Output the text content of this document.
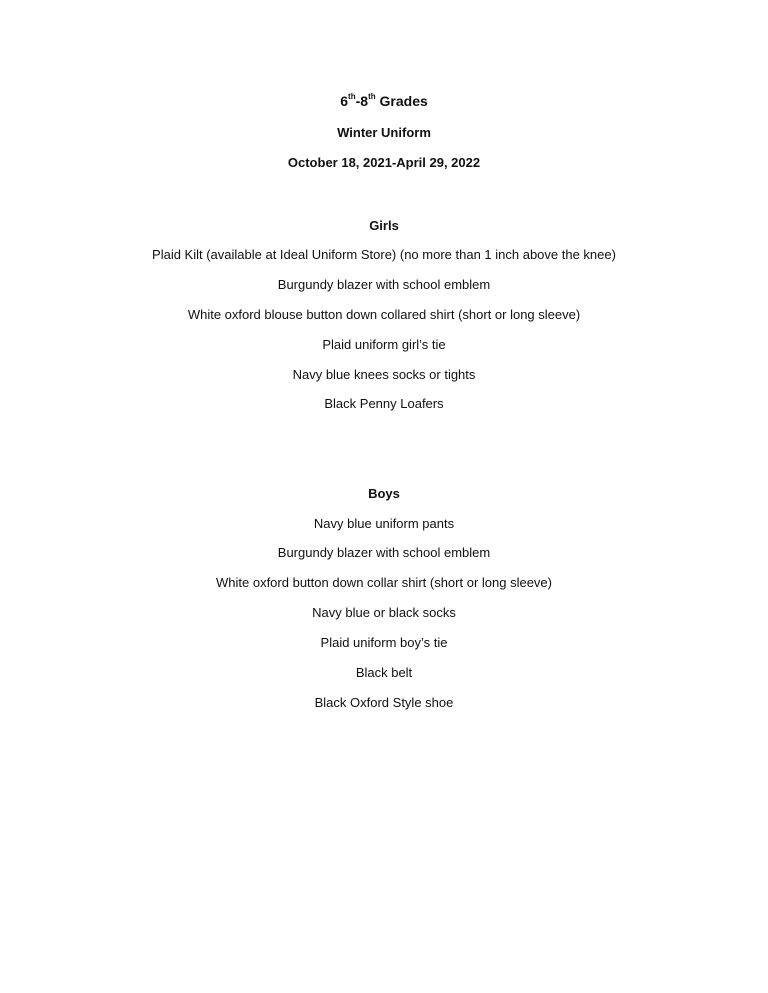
6th-8th Grades
Winter Uniform
October 18, 2021-April 29, 2022
Girls
Plaid Kilt (available at Ideal Uniform Store) (no more than 1 inch above the knee)
Burgundy blazer with school emblem
White oxford blouse button down collared shirt (short or long sleeve)
Plaid uniform girl’s tie
Navy blue knees socks or tights
Black Penny Loafers
Boys
Navy blue uniform pants
Burgundy blazer with school emblem
White oxford button down collar shirt (short or long sleeve)
Navy blue or black socks
Plaid uniform boy’s tie
Black belt
Black Oxford Style shoe
